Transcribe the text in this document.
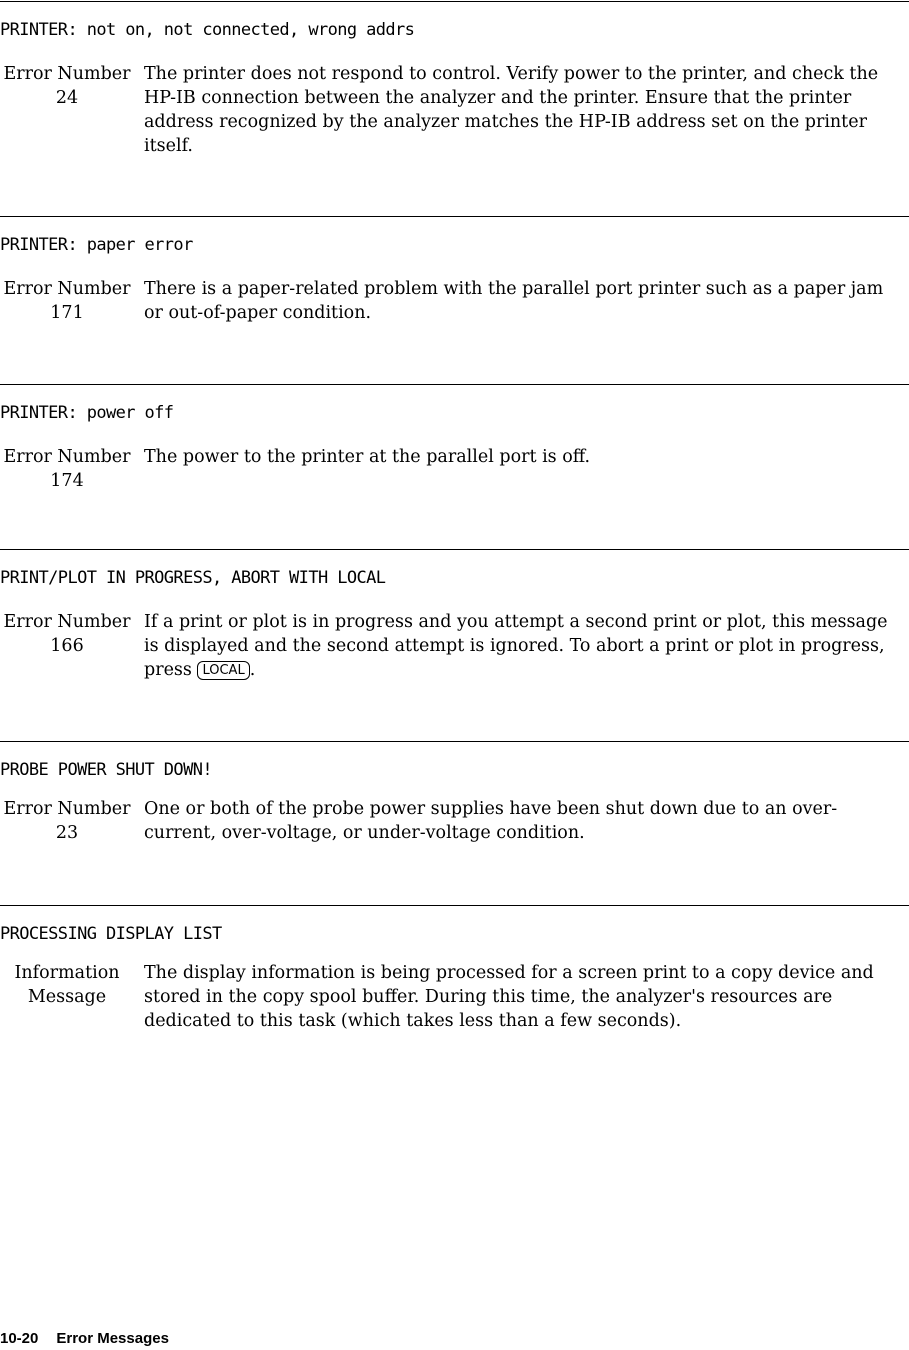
PRINTER: not on, not connected, wrong addrs
Error Number
24
The printer does not respond to control. Verify power to the printer, and check the HP-IB connection between the analyzer and the printer. Ensure that the printer address recognized by the analyzer matches the HP-IB address set on the printer itself.
PRINTER: paper error
Error Number
171
There is a paper-related problem with the parallel port printer such as a paper jam or out-of-paper condition.
PRINTER: power off
Error Number
174
The power to the printer at the parallel port is off.
PRINT/PLOT IN PROGRESS, ABORT WITH LOCAL
Error Number
166
If a print or plot is in progress and you attempt a second print or plot, this message is displayed and the second attempt is ignored. To abort a print or plot in progress, press LOCAL .
PROBE POWER SHUT DOWN!
Error Number
23
One or both of the probe power supplies have been shut down due to an over-current, over-voltage, or under-voltage condition.
PROCESSING DISPLAY LIST
Information
Message
The display information is being processed for a screen print to a copy device and stored in the copy spool buffer. During this time, the analyzer's resources are dedicated to this task (which takes less than a few seconds).
10-20 Error Messages
